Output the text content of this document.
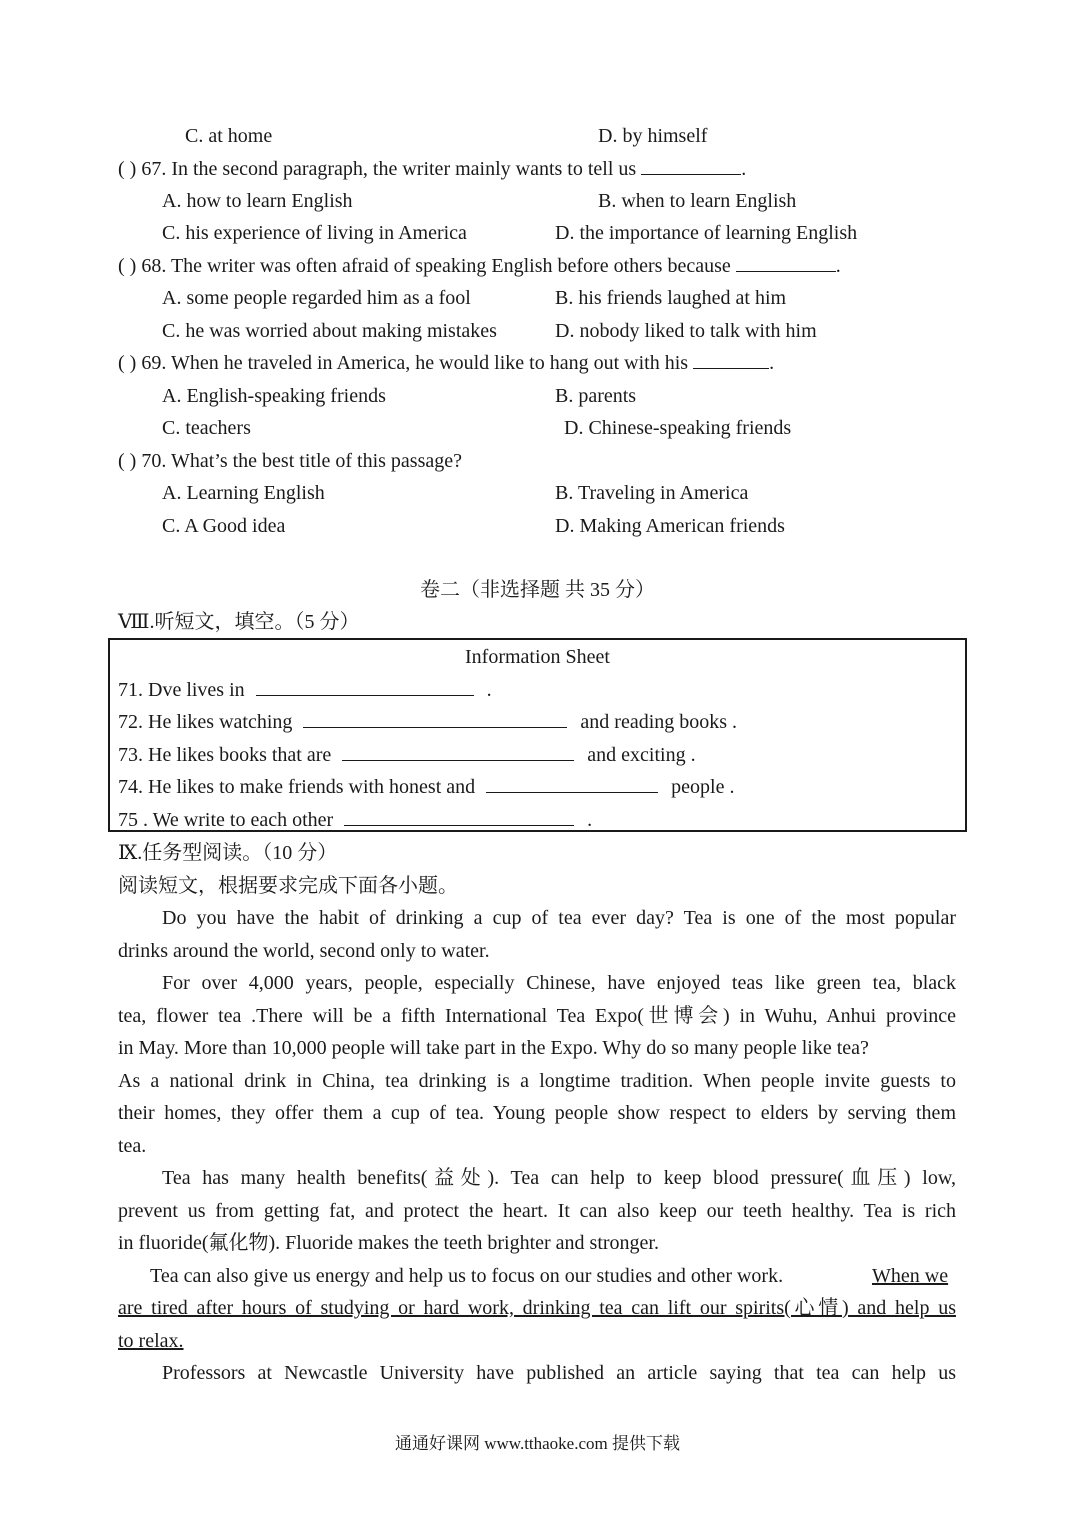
C. at home	D. by himself
( ) 67. In the second paragraph, the writer mainly wants to tell us	.
A. how to learn English	B. when to learn English
C. his experience of living in America	D. the importance of learning English
( ) 68. The writer was often afraid of speaking English before others because	.
A. some people regarded him as a fool	B. his friends laughed at him
C. he was worried about making mistakes	D. nobody liked to talk with him
( ) 69. When he traveled in America, he would like to hang out with his	.
A. English-speaking friends	B. parents
C. teachers	D. Chinese-speaking friends
( ) 70. What’s the best title of this passage?
A. Learning English	B. Traveling in America
C. A Good idea	D. Making American friends
卷二（非选择题 共 35 分）
Ⅷ.听短文，填空。（5 分）
Information Sheet
71. Dve lives in	.
72. He likes watching	and reading books .
73. He likes books that are	and exciting .
74. He likes to make friends with honest and	people .
75 . We write to each other	.
Ⅸ.任务型阅读。（10 分）
阅读短文，根据要求完成下面各小题。
Do you have the habit of drinking a cup of tea ever day? Tea is one of the most popular
drinks around the world, second only to water.
For over 4,000 years, people, especially Chinese, have enjoyed teas like green tea, black
tea, flower tea .There will be a fifth International Tea Expo(世博会) in Wuhu, Anhui province
in May. More than 10,000 people will take part in the Expo. Why do so many people like tea?
As a national drink in China, tea drinking is a longtime tradition. When people invite guests to
their homes, they offer them a cup of tea. Young people show respect to elders by serving them
tea.
Tea has many health benefits(益处). Tea can help to keep blood pressure(血压) low,
prevent us from getting fat, and protect the heart. It can also keep our teeth healthy. Tea is rich
in fluoride(氟化物). Fluoride makes the teeth brighter and stronger.
Tea can also give us energy and help us to focus on our studies and other work.	When we
are tired after hours of studying or hard work, drinking tea can lift our spirits(心情) and help us
to relax.
Professors at Newcastle University have published an article saying that tea can help us
通通好课网 www.tthaoke.com 提供下载
